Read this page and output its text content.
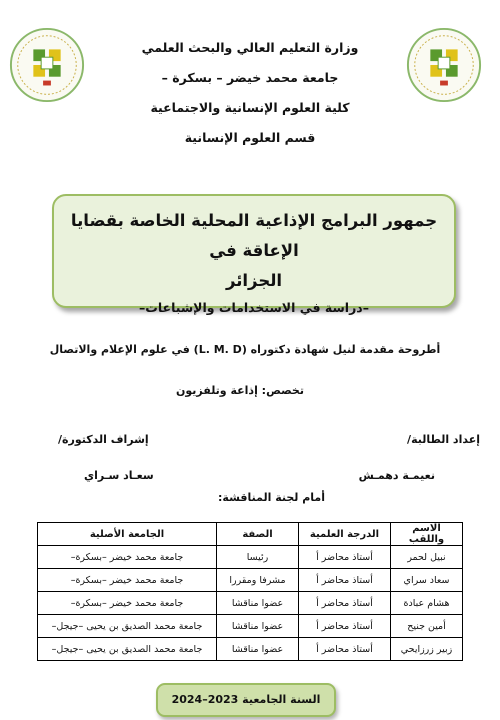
وزارة التعليم العالي والبحث العلمي
جامعة محمد خيضر – بسكرة –
كلية العلوم الإنسانية والاجتماعية
قسم العلوم الإنسانية
جمهور البرامج الإذاعية المحلية الخاصة بقضايا الإعاقة في
الجزائر
–دراسة في الاستخدامات والإشباعات–
أطروحة مقدمة لنيل شهادة دكتوراه (L. M. D) في علوم الإعلام والاتصال
تخصص: إذاعة وتلفزيون
إعداد الطالبة/
نعيمـة دهمـش
إشراف الدكتورة/
سعـاد سـراي
أمام لجنة المناقشة:
الاسم واللقب	الدرجة العلمية	الصفة	الجامعة الأصلية
نبيل لحمر	أستاذ محاضر أ	رئيسا	جامعة محمد خيضر –بسكرة–
سعاد سراي	أستاذ محاضر أ	مشرفا ومقررا	جامعة محمد خيضر –بسكرة–
هشام عبادة	أستاذ محاضر أ	عضوا مناقشا	جامعة محمد خيضر –بسكرة–
أمين جنيح	أستاذ محاضر أ	عضوا مناقشا	جامعة محمد الصديق بن يحيى –جيجل–
زبير زرزايحي	أستاذ محاضر أ	عضوا مناقشا	جامعة محمد الصديق بن يحيى –جيجل–
السنة الجامعية 2023–2024
